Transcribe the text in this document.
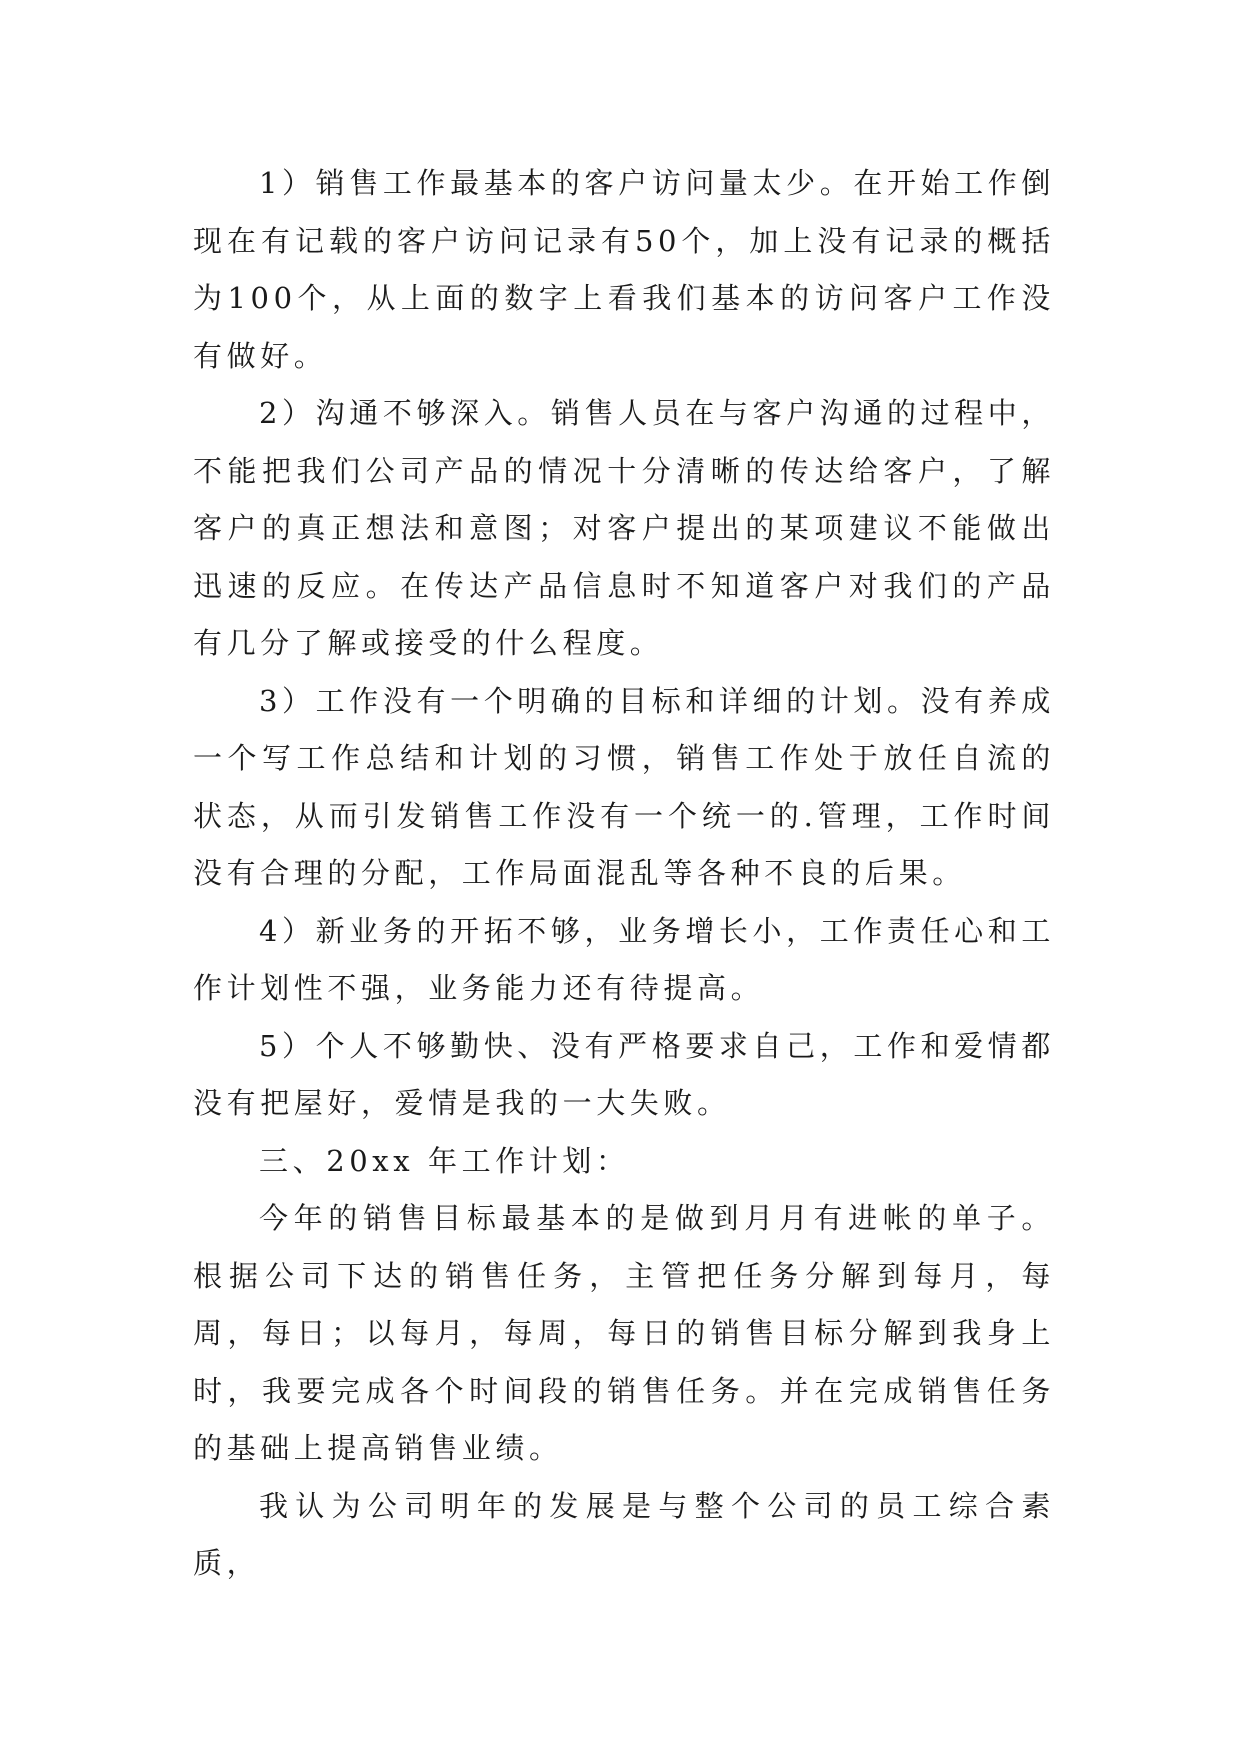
1）销售工作最基本的客户访问量太少。在开始工作倒现在有记载的客户访问记录有50个，加上没有记录的概括为100个，从上面的数字上看我们基本的访问客户工作没有做好。

2）沟通不够深入。销售人员在与客户沟通的过程中，不能把我们公司产品的情况十分清晰的传达给客户，了解客户的真正想法和意图；对客户提出的某项建议不能做出迅速的反应。在传达产品信息时不知道客户对我们的产品有几分了解或接受的什么程度。

3）工作没有一个明确的目标和详细的计划。没有养成一个写工作总结和计划的习惯，销售工作处于放任自流的状态，从而引发销售工作没有一个统一的.管理，工作时间没有合理的分配，工作局面混乱等各种不良的后果。

4）新业务的开拓不够，业务增长小，工作责任心和工作计划性不强，业务能力还有待提高。

5）个人不够勤快、没有严格要求自己，工作和爱情都没有把屋好，爱情是我的一大失败。

三、20xx 年工作计划：

今年的销售目标最基本的是做到月月有进帐的单子。根据公司下达的销售任务，主管把任务分解到每月，每周，每日；以每月，每周，每日的销售目标分解到我身上时，我要完成各个时间段的销售任务。并在完成销售任务的基础上提高销售业绩。

我认为公司明年的发展是与整个公司的员工综合素质，
